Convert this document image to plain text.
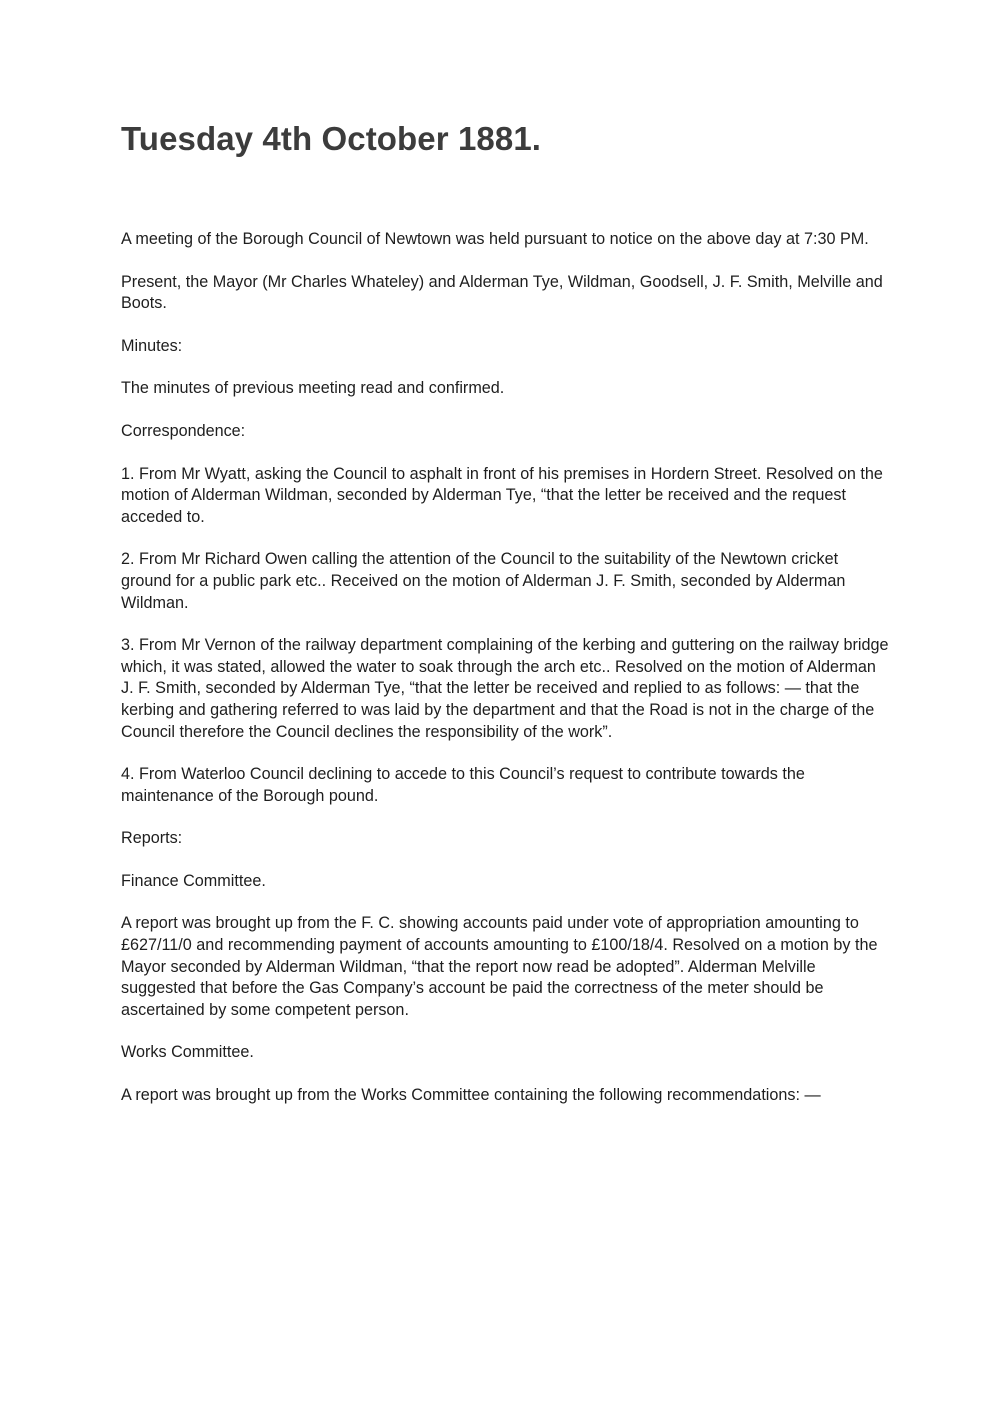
Tuesday 4th October 1881.

A meeting of the Borough Council of Newtown was held pursuant to notice on the above day at 7:30 PM.

Present, the Mayor (Mr Charles Whateley) and Alderman Tye, Wildman, Goodsell, J. F. Smith, Melville and Boots.

Minutes:

The minutes of previous meeting read and confirmed.

Correspondence:

1. From Mr Wyatt, asking the Council to asphalt in front of his premises in Hordern Street. Resolved on the motion of Alderman Wildman, seconded by Alderman Tye, “that the letter be received and the request acceded to.

2. From Mr Richard Owen calling the attention of the Council to the suitability of the Newtown cricket ground for a public park etc.. Received on the motion of Alderman J. F. Smith, seconded by Alderman Wildman.

3. From Mr Vernon of the railway department complaining of the kerbing and guttering on the railway bridge which, it was stated, allowed the water to soak through the arch etc.. Resolved on the motion of Alderman J. F. Smith, seconded by Alderman Tye, “that the letter be received and replied to as follows: — that the kerbing and gathering referred to was laid by the department and that the Road is not in the charge of the Council therefore the Council declines the responsibility of the work”.

4. From Waterloo Council declining to accede to this Council’s request to contribute towards the maintenance of the Borough pound.

Reports:

Finance Committee.

A report was brought up from the F. C. showing accounts paid under vote of appropriation amounting to £627/11/0 and recommending payment of accounts amounting to £100/18/4. Resolved on a motion by the Mayor seconded by Alderman Wildman, “that the report now read be adopted”. Alderman Melville suggested that before the Gas Company’s account be paid the correctness of the meter should be ascertained by some competent person.

Works Committee.

A report was brought up from the Works Committee containing the following recommendations: —
